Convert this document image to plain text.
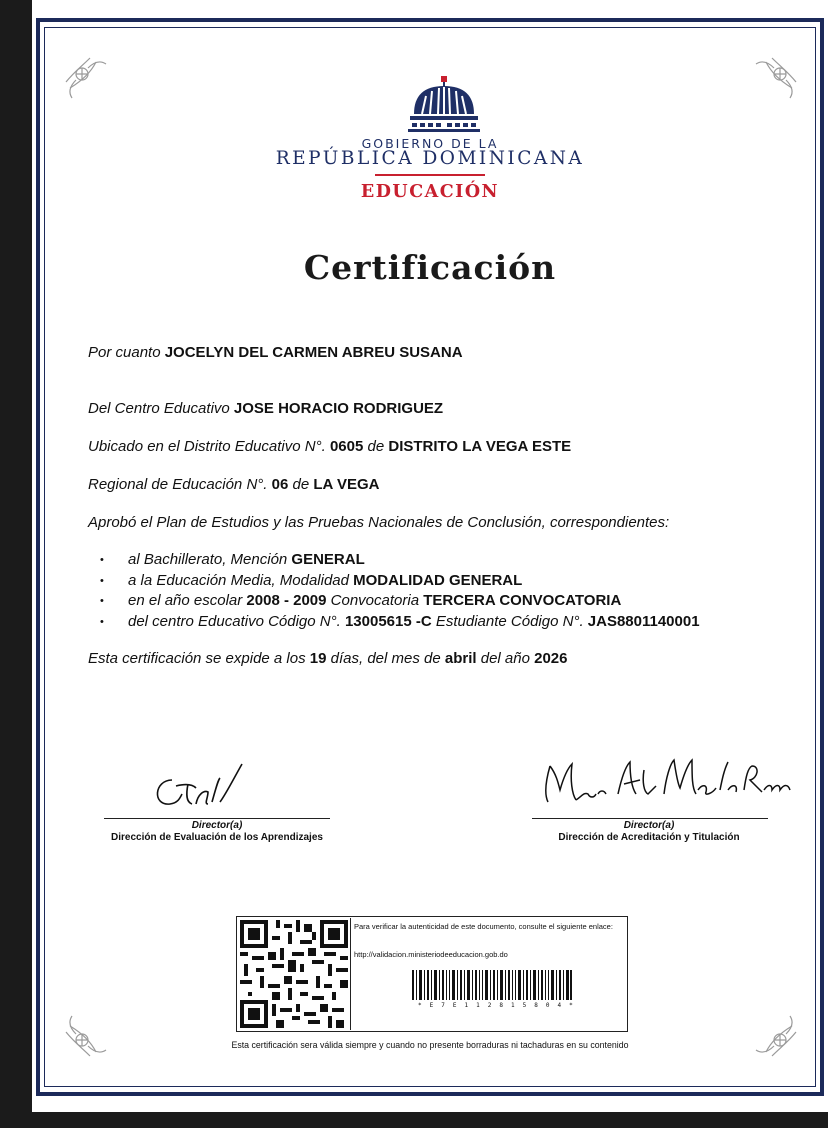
GOBIERNO DE LA
REPÚBLICA DOMINICANA
EDUCACIÓN
Certificación
Por cuanto JOCELYN DEL CARMEN ABREU SUSANA
Del Centro Educativo JOSE HORACIO RODRIGUEZ
Ubicado en el Distrito Educativo N°. 0605 de DISTRITO LA VEGA ESTE
Regional de Educación N°. 06 de LA VEGA
Aprobó el Plan de Estudios y las Pruebas Nacionales de Conclusión, correspondientes:
• al Bachillerato, Mención GENERAL
• a la Educación Media, Modalidad MODALIDAD GENERAL
• en el año escolar 2008 - 2009 Convocatoria TERCERA CONVOCATORIA
• del centro Educativo Código N°. 13005615 -C Estudiante Código N°. JAS8801140001
Esta certificación se expide a los 19 días, del mes de abril del año 2026
Director(a)
Dirección de Evaluación de los Aprendizajes
Director(a)
Dirección de Acreditación y Titulación
Para verificar la autenticidad de este documento, consulte el siguiente enlace:
http://validacion.ministeriodeeducacion.gob.do
* E 7 E 1 1 2 8 1 5 8 0 4 *
Esta certificación sera válida siempre y cuando no presente borraduras ni tachaduras en su contenido
